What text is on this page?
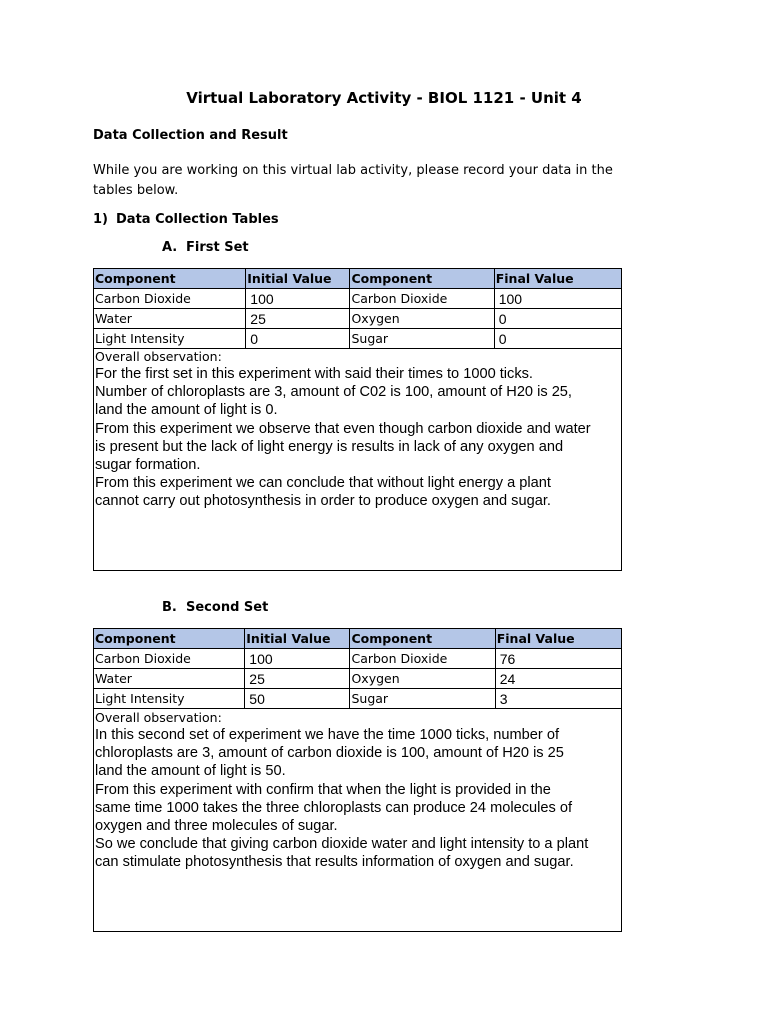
Virtual Laboratory Activity - BIOL 1121 - Unit 4
Data Collection and Result
While you are working on this virtual lab activity, please record your data in the tables below.
1) Data Collection Tables
A. First Set
Component	Initial Value	Component	Final Value
Carbon Dioxide	100	Carbon Dioxide	100
Water	25	Oxygen	0
Light Intensity	0	Sugar	0
Overall observation:

For the first set in this experiment with said their times to 1000 ticks.

Number of chloroplasts are 3, amount of C02 is 100, amount of H20 is 25,

land the amount of light is 0.

From this experiment we observe that even though carbon dioxide and water

is present but the lack of light energy is results in lack of any oxygen and

sugar formation.

From this experiment we can conclude that without light energy a plant

cannot carry out photosynthesis in order to produce oxygen and sugar.

B. Second Set
Component	Initial Value	Component	Final Value
Carbon Dioxide	100	Carbon Dioxide	76
Water	25	Oxygen	24
Light Intensity	50	Sugar	3
Overall observation:

In this second set of experiment we have the time 1000 ticks, number of

chloroplasts are 3, amount of carbon dioxide is 100, amount of H20 is 25

land the amount of light is 50.

From this experiment with confirm that when the light is provided in the

same time 1000 takes the three chloroplasts can produce 24 molecules of

oxygen and three molecules of sugar.

So we conclude that giving carbon dioxide water and light intensity to a plant

can stimulate photosynthesis that results information of oxygen and sugar.
